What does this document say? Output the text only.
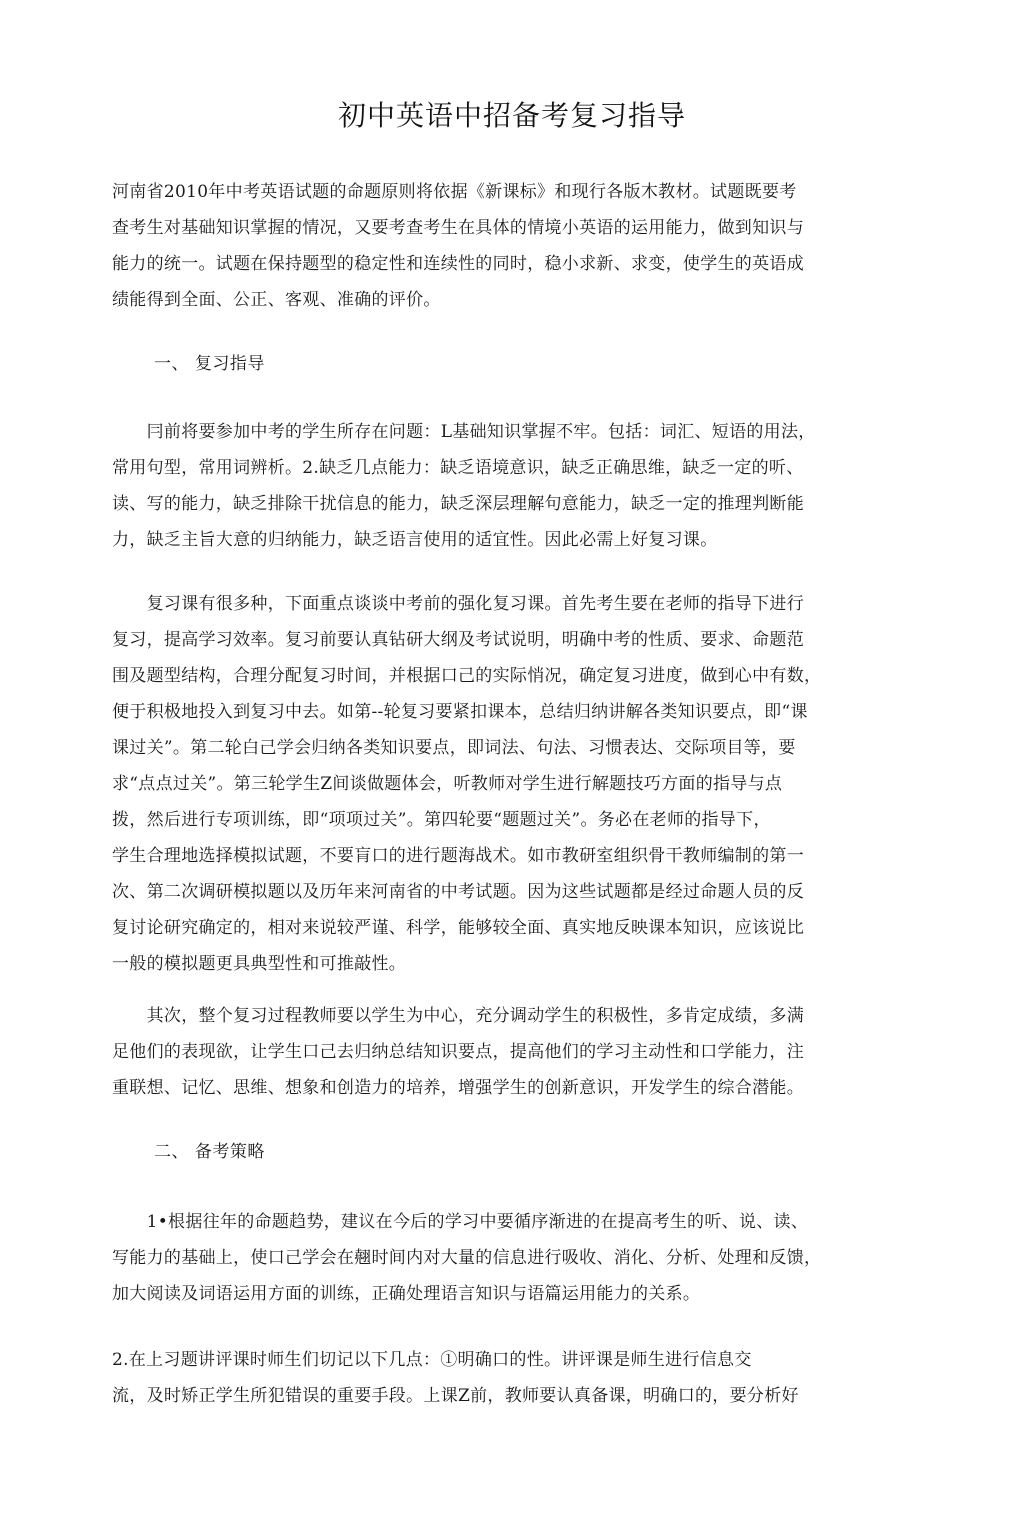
初中英语中招备考复习指导
河南省2010年中考英语试题的命题原则将依据《新课标》和现行各版木教材。试题既要考
查考生对基础知识掌握的情况，又要考查考生在具体的情境小英语的运用能力，做到知识与
能力的统一。试题在保持题型的稳定性和连续性的同时，稳小求新、求变，使学生的英语成
绩能得到全面、公正、客观、准确的评价。
一、 复习指导
　　冃前将要参加中考的学生所存在问题：L基础知识掌握不牢。包括：词汇、短语的用法，
常用句型，常用词辨析。2.缺乏几点能力：缺乏语境意识，缺乏正确思维，缺乏一定的听、
读、写的能力，缺乏排除干扰信息的能力，缺乏深层理解句意能力，缺乏一定的推理判断能
力，缺乏主旨大意的归纳能力，缺乏语言使用的适宜性。因此必需上好复习课。
　　复习课有很多种，下面重点谈谈中考前的强化复习课。首先考生要在老师的指导下进行
复习，提高学习效率。复习前要认真钻研大纲及考试说明，明确中考的性质、要求、命题范
围及题型结构，合理分配复习时间，并根据口己的实际悄况，确定复习进度，做到心中有数，
便于积极地投入到复习中去。如第--轮复习要紧扣课本，总结归纳讲解各类知识要点，即“课
课过关”。第二轮白己学会归纳各类知识要点，即词法、句法、习惯表达、交际项目等，要
求“点点过关”。第三轮学生Z间谈做题体会，听教师对学生进行解题技巧方面的指导与点
拨，然后进行专项训练，即“项项过关”。第四轮要“题题过关”。务必在老师的指导下，
学生合理地选择模拟试题，不要肓口的进行题海战术。如市教研室组织骨干教师编制的第一
次、第二次调研模拟题以及历年来河南省的中考试题。因为这些试题都是经过命题人员的反
复讨论研究确定的，相对来说较严谨、科学，能够较全面、真实地反映课本知识，应该说比
一般的模拟题更具典型性和可推敲性。
　　其次，整个复习过程教师要以学生为中心，充分调动学生的积极性，多肯定成绩，多满
足他们的表现欲，让学生口己去归纳总结知识要点，提高他们的学习主动性和口学能力，注
重联想、记忆、思维、想象和创造力的培养，增强学生的创新意识，开发学生的综合潜能。
二、 备考策略
　　1•根据往年的命题趋势，建议在今后的学习中要循序渐进的在提高考生的听、说、读、
写能力的基础上，使口己学会在翹时间内对大量的信息进行吸收、消化、分析、处理和反馈，
加大阅读及词语运用方面的训练，正确处理语言知识与语篇运用能力的关系。
2.在上习题讲评课时师生们切记以下几点：①明确口的性。讲评课是师生进行信息交
流，及时矫正学生所犯错误的重要手段。上课Z前，教师要认真备课，明确口的，要分析好
